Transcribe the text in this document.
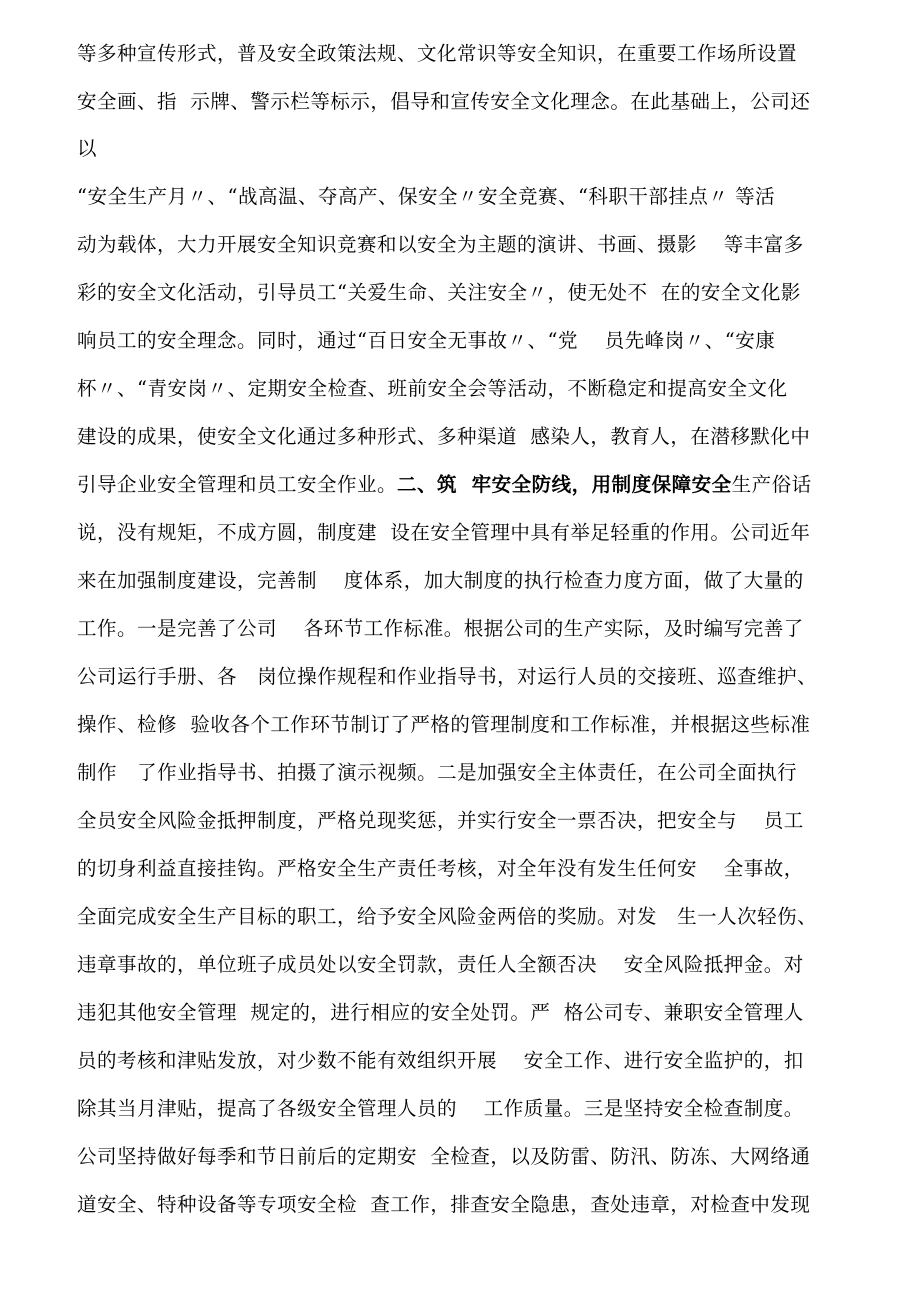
等多种宣传形式，普及安全政策法规、文化常识等安全知识，在重要工作场所设置
安全画、指  示牌、警示栏等标示，倡导和宣传安全文化理念。在此基础上，公司还
以
“安全生产月〃、“战高温、夺高产、保安全〃安全竞赛、“科职干部挂点〃 等活
动为载体，大力开展安全知识竞赛和以安全为主题的演讲、书画、摄影    等丰富多
彩的安全文化活动，引导员工“关爱生命、关注安全〃，使无处不  在的安全文化影
响员工的安全理念。同时，通过“百日安全无事故〃、“党    员先峰岗〃、“安康
杯〃、“青安岗〃、定期安全检查、班前安全会等活动，不断稳定和提高安全文化
建设的成果，使安全文化通过多种形式、多种渠道  感染人，教育人，在潜移默化中
引导企业安全管理和员工安全作业。二、筑  牢安全防线，用制度保障安全生产俗话
说，没有规矩，不成方圆，制度建  设在安全管理中具有举足轻重的作用。公司近年
来在加强制度建设，完善制    度体系，加大制度的执行检查力度方面，做了大量的
工作。一是完善了公司    各环节工作标准。根据公司的生产实际，及时编写完善了
公司运行手册、各   岗位操作规程和作业指导书，对运行人员的交接班、巡查维护、
操作、检修  验收各个工作环节制订了严格的管理制度和工作标准，并根据这些标准
制作   了作业指导书、拍摄了演示视频。二是加强安全主体责任，在公司全面执行
全员安全风险金抵押制度，严格兑现奖惩，并实行安全一票否决，把安全与    员工
的切身利益直接挂钩。严格安全生产责任考核，对全年没有发生任何安    全事故，
全面完成安全生产目标的职工，给予安全风险金两倍的奖励。对发   生一人次轻伤、
违章事故的，单位班子成员处以安全罚款，责任人全额否决    安全风险抵押金。对
违犯其他安全管理  规定的，进行相应的安全处罚。严  格公司专、兼职安全管理人
员的考核和津贴发放，对少数不能有效组织开展    安全工作、进行安全监护的，扣
除其当月津贴，提高了各级安全管理人员的    工作质量。三是坚持安全检查制度。
公司坚持做好每季和节日前后的定期安  全检查，以及防雷、防汛、防冻、大网络通
道安全、特种设备等专项安全检  查工作，排查安全隐患，查处违章，对检查中发现
